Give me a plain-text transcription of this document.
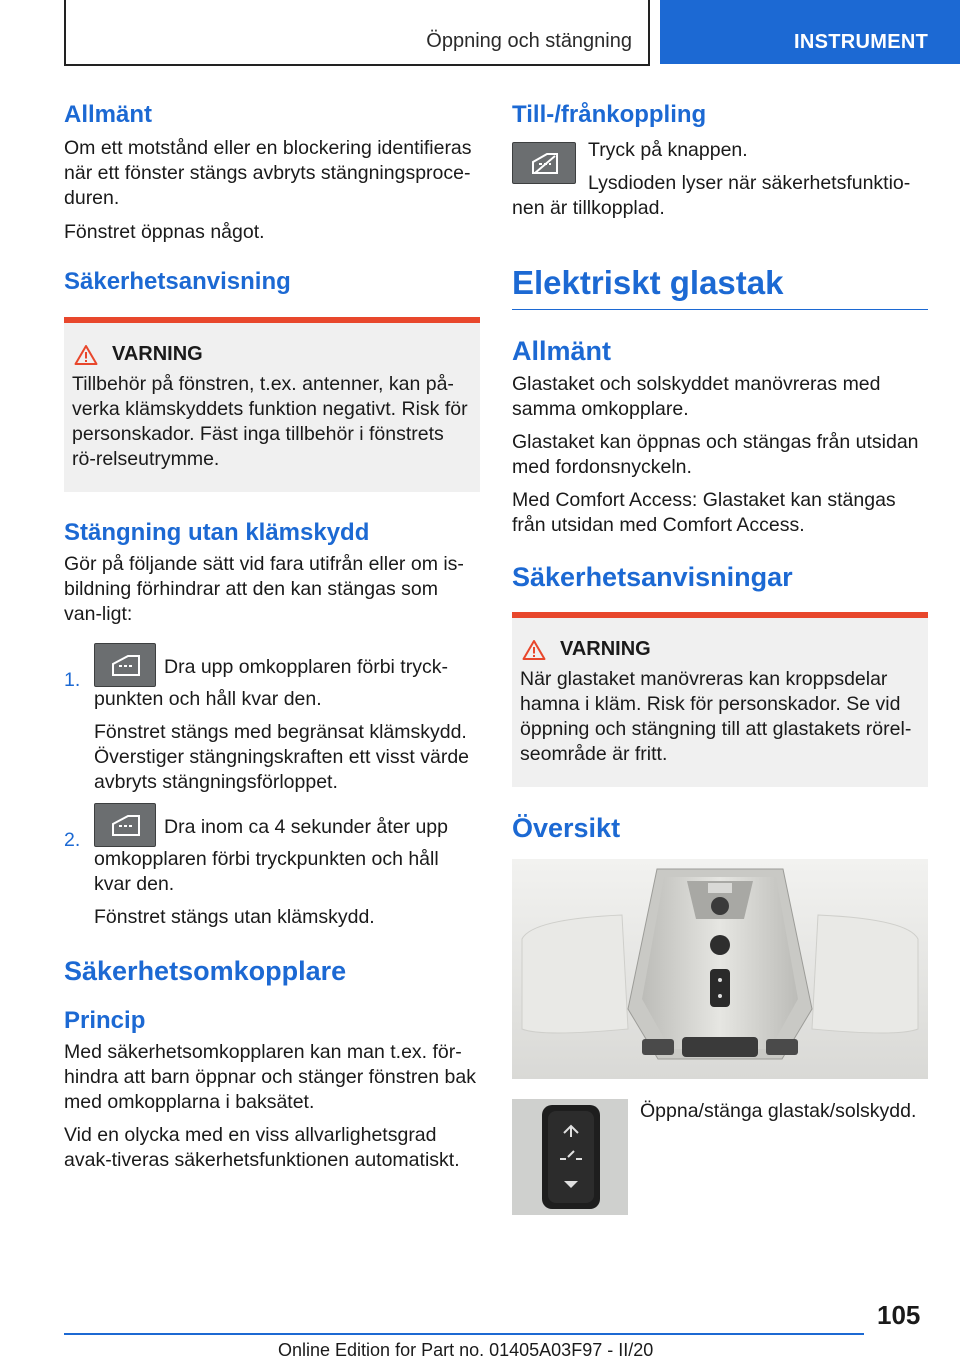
Öppning och stängning	INSTRUMENT
Allmänt

Om ett motstånd eller en blockering identifieras när ett fönster stängs avbryts stängningsproce-duren.

Fönstret öppnas något.

Säkerhetsanvisning
VARNING

Tillbehör på fönstren, t.ex. antenner, kan på-verka klämskyddets funktion negativt. Risk för personskador. Fäst inga tillbehör i fönstrets rö-relseutrymme.

Stängning utan klämskydd

Gör på följande sätt vid fara utifrån eller om is-bildning förhindrar att den kan stängas som van-ligt:

1.

Dra upp omkopplaren förbi tryck-punkten och håll kvar den.

Fönstret stängs med begränsat klämskydd. Överstiger stängningskraften ett visst värde avbryts stängningsförloppet.

2.

Dra inom ca 4 sekunder åter upp omkopplaren förbi tryckpunkten och håll kvar den.

Fönstret stängs utan klämskydd.

Säkerhetsomkopplare
Princip

Med säkerhetsomkopplaren kan man t.ex. för-hindra att barn öppnar och stänger fönstren bak med omkopplarna i baksätet.

Vid en olycka med en viss allvarlighetsgrad avak-tiveras säkerhetsfunktionen automatiskt.

Till-/frånkoppling

Tryck på knappen.

Lysdioden lyser när säkerhetsfunktio-nen är tillkopplad.

Elektriskt glastak
Allmänt

Glastaket och solskyddet manövreras med samma omkopplare.

Glastaket kan öppnas och stängas från utsidan med fordonsnyckeln.

Med Comfort Access: Glastaket kan stängas från utsidan med Comfort Access.

Säkerhetsanvisningar
VARNING

När glastaket manövreras kan kroppsdelar hamna i kläm. Risk för personskador. Se vid öppning och stängning till att glastakets rörel-seområde är fritt.

Översikt

Öppna/stänga glastak/solskydd.

105
Online Edition for Part no. 01405A03F97 - II/20
